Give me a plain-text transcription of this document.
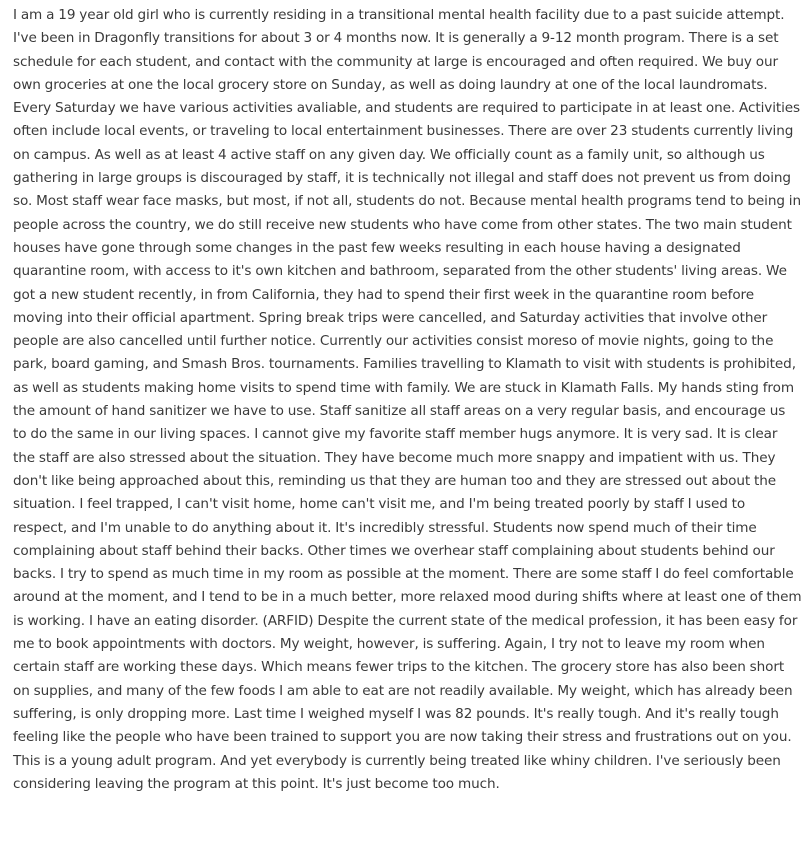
I am a 19 year old girl who is currently residing in a transitional mental health facility due to a past suicide attempt. I've been in Dragonfly transitions for about 3 or 4 months now. It is generally a 9-12 month program. There is a set schedule for each student, and contact with the community at large is encouraged and often required. We buy our own groceries at one the local grocery store on Sunday, as well as doing laundry at one of the local laundromats. Every Saturday we have various activities avaliable, and students are required to participate in at least one. Activities often include local events, or traveling to local entertainment businesses. There are over 23 students currently living on campus. As well as at least 4 active staff on any given day. We officially count as a family unit, so although us gathering in large groups is discouraged by staff, it is technically not illegal and staff does not prevent us from doing so. Most staff wear face masks, but most, if not all, students do not. Because mental health programs tend to being in people across the country, we do still receive new students who have come from other states. The two main student houses have gone through some changes in the past few weeks resulting in each house having a designated quarantine room, with access to it's own kitchen and bathroom, separated from the other students' living areas. We got a new student recently, in from California, they had to spend their first week in the quarantine room before moving into their official apartment. Spring break trips were cancelled, and Saturday activities that involve other people are also cancelled until further notice. Currently our activities consist moreso of movie nights, going to the park, board gaming, and Smash Bros. tournaments. Families travelling to Klamath to visit with students is prohibited, as well as students making home visits to spend time with family. We are stuck in Klamath Falls. My hands sting from the amount of hand sanitizer we have to use. Staff sanitize all staff areas on a very regular basis, and encourage us to do the same in our living spaces. I cannot give my favorite staff member hugs anymore. It is very sad. It is clear the staff are also stressed about the situation. They have become much more snappy and impatient with us. They don't like being approached about this, reminding us that they are human too and they are stressed out about the situation. I feel trapped, I can't visit home, home can't visit me, and I'm being treated poorly by staff I used to respect, and I'm unable to do anything about it. It's incredibly stressful. Students now spend much of their time complaining about staff behind their backs. Other times we overhear staff complaining about students behind our backs. I try to spend as much time in my room as possible at the moment. There are some staff I do feel comfortable around at the moment, and I tend to be in a much better, more relaxed mood during shifts where at least one of them is working. I have an eating disorder. (ARFID) Despite the current state of the medical profession, it has been easy for me to book appointments with doctors. My weight, however, is suffering. Again, I try not to leave my room when certain staff are working these days. Which means fewer trips to the kitchen. The grocery store has also been short on supplies, and many of the few foods I am able to eat are not readily available. My weight, which has already been suffering, is only dropping more. Last time I weighed myself I was 82 pounds. It's really tough. And it's really tough feeling like the people who have been trained to support you are now taking their stress and frustrations out on you. This is a young adult program. And yet everybody is currently being treated like whiny children. I've seriously been considering leaving the program at this point. It's just become too much.
